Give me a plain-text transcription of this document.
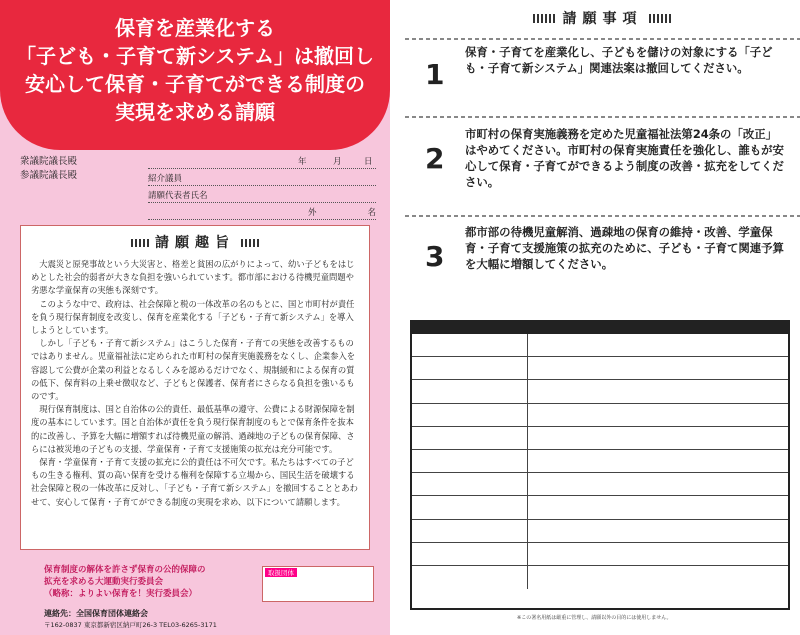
保育を産業化する
「子ども・子育て新システム」は撤回し
安心して保育・子育てができる制度の
実現を求める請願
衆議院議長殿
参議院議長殿
年	月	日
紹介議員
請願代表者氏名
外	名
請願趣旨

大震災と原発事故という大災害と、格差と貧困の広がりによって、幼い子どもをはじめとした社会的弱者が大きな負担を強いられています。都市部における待機児童問題や劣悪な学童保育の実態も深刻です。

このような中で、政府は、社会保障と税の一体改革の名のもとに、国と市町村が責任を負う現行保育制度を改変し、保育を産業化する「子ども・子育て新システム」を導入しようとしています。

しかし「子ども・子育て新システム」はこうした保育・子育ての実態を改善するものではありません。児童福祉法に定められた市町村の保育実施義務をなくし、企業参入を容認して公費が企業の利益となるしくみを認めるだけでなく、規制緩和による保育の質の低下、保育料の上乗せ徴収など、子どもと保護者、保育者にさらなる負担を強いるものです。

現行保育制度は、国と自治体の公的責任、最低基準の遵守、公費による財源保障を制度の基本にしています。国と自治体が責任を負う現行保育制度のもとで保育条件を抜本的に改善し、予算を大幅に増額すれば待機児童の解消、過疎地の子どもの保育保障、さらには被災地の子どもの支援、学童保育・子育て支援施策の拡充は充分可能です。

保育・学童保育・子育て支援の拡充に公的責任は不可欠です。私たちはすべての子どもの生きる権利、質の高い保育を受ける権利を保障する立場から、国民生活を破壊する社会保障と税の一体改革に反対し、「子ども・子育て新システム」を撤回することとあわせて、安心して保育・子育てができる制度の実現を求め、以下について請願します。

保育制度の解体を許さず保育の公的保障の
拡充を求める大運動実行委員会
（略称：よりよい保育を！実行委員会）
取扱団体
連絡先：全国保育団体連絡会
〒162-0837 東京都新宿区納戸町26-3 TEL03-6265-3171
請願事項
1
保育・子育てを産業化し、子どもを儲けの対象にする「子ども・子育て新システム」関連法案は撤回してください。
2
市町村の保育実施義務を定めた児童福祉法第24条の「改正」はやめてください。市町村の保育実施責任を強化し、誰もが安心して保育・子育てができるよう制度の改善・拡充をしてください。
3
都市部の待機児童解消、過疎地の保育の維持・改善、学童保育・子育て支援施策の拡充のために、子ども・子育て関連予算を大幅に増額してください。
※この署名用紙は厳重に管理し、請願以外の目的には使用しません。
